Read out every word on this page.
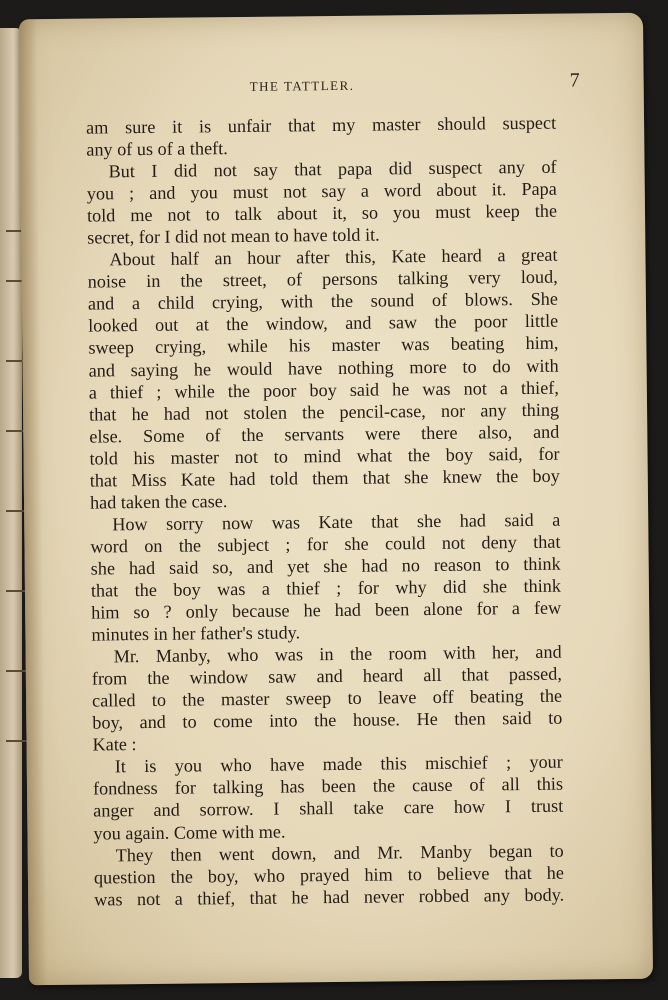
THE TATTLER.	7
am sure it is unfair that my master should suspect
any of us of a theft.
But I did not say that papa did suspect any of
you ; and you must not say a word about it. Papa
told me not to talk about it, so you must keep the
secret, for I did not mean to have told it.
About half an hour after this, Kate heard a great
noise in the street, of persons talking very loud,
and a child crying, with the sound of blows. She
looked out at the window, and saw the poor little
sweep crying, while his master was beating him,
and saying he would have nothing more to do with
a thief ; while the poor boy said he was not a thief,
that he had not stolen the pencil-case, nor any thing
else. Some of the servants were there also, and
told his master not to mind what the boy said, for
that Miss Kate had told them that she knew the boy
had taken the case.
How sorry now was Kate that she had said a
word on the subject ; for she could not deny that
she had said so, and yet she had no reason to think
that the boy was a thief ; for why did she think
him so ? only because he had been alone for a few
minutes in her father's study.
Mr. Manby, who was in the room with her, and
from the window saw and heard all that passed,
called to the master sweep to leave off beating the
boy, and to come into the house. He then said to
Kate :
It is you who have made this mischief ; your
fondness for talking has been the cause of all this
anger and sorrow. I shall take care how I trust
you again. Come with me.
They then went down, and Mr. Manby began to
question the boy, who prayed him to believe that he
was not a thief, that he had never robbed any body.
